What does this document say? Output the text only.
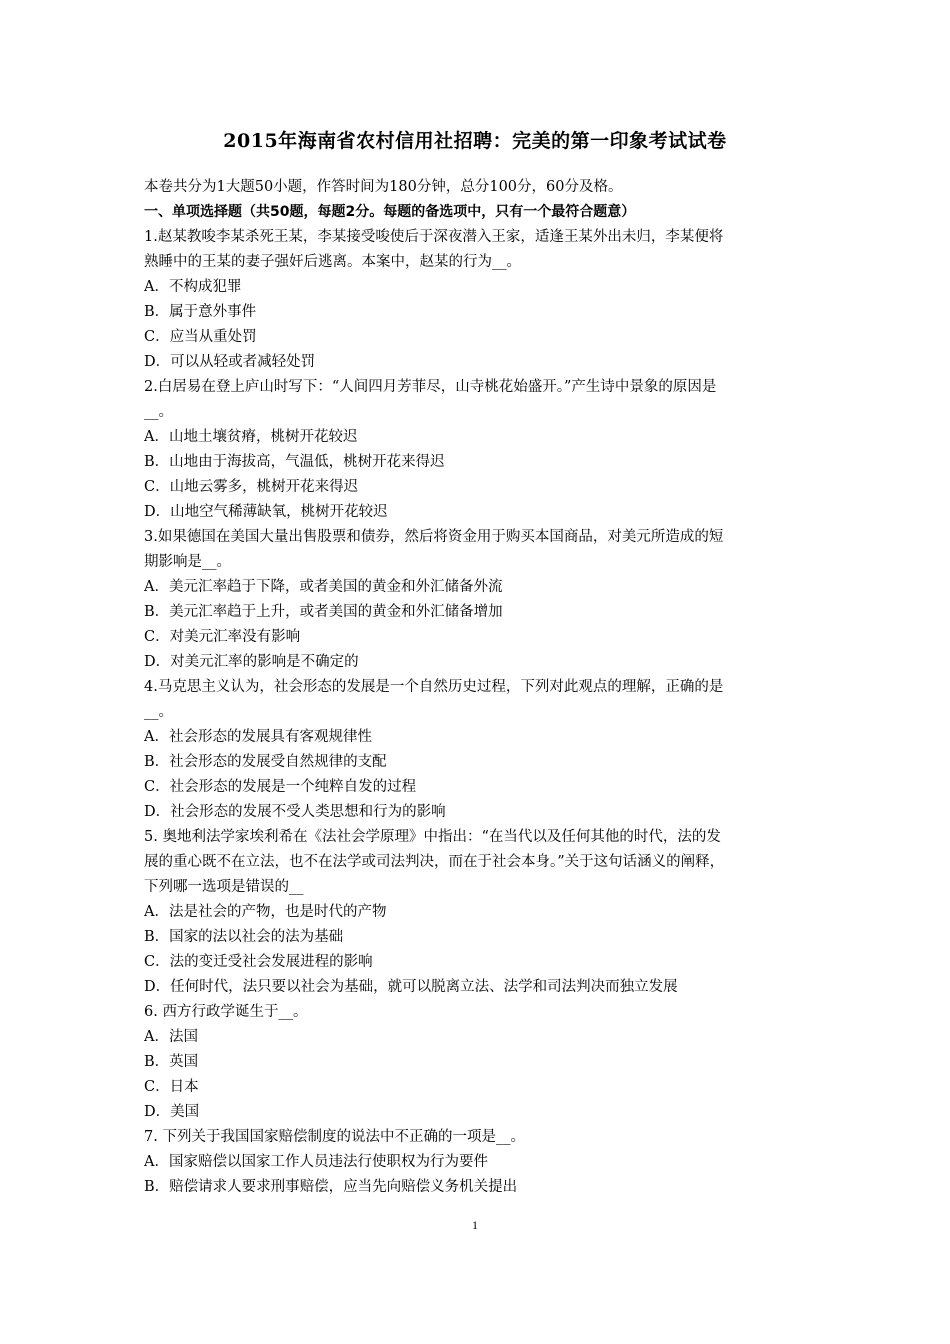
2015年海南省农村信用社招聘：完美的第一印象考试试卷
本卷共分为1大题50小题，作答时间为180分钟，总分100分，60分及格。
一、单项选择题（共50题，每题2分。每题的备选项中，只有一个最符合题意）
1.赵某教唆李某杀死王某，李某接受唆使后于深夜潜入王家，适逢王某外出未归，李某便将
熟睡中的王某的妻子强奸后逃离。本案中，赵某的行为__。
A．不构成犯罪
B．属于意外事件
C．应当从重处罚
D．可以从轻或者减轻处罚
2.白居易在登上庐山时写下：“人间四月芳菲尽，山寺桃花始盛开。”产生诗中景象的原因是
__。
A．山地土壤贫瘠，桃树开花较迟
B．山地由于海拔高，气温低，桃树开花来得迟
C．山地云雾多，桃树开花来得迟
D．山地空气稀薄缺氧，桃树开花较迟
3.如果德国在美国大量出售股票和债券，然后将资金用于购买本国商品，对美元所造成的短
期影响是__。
A．美元汇率趋于下降，或者美国的黄金和外汇储备外流
B．美元汇率趋于上升，或者美国的黄金和外汇储备增加
C．对美元汇率没有影响
D．对美元汇率的影响是不确定的
4.马克思主义认为，社会形态的发展是一个自然历史过程，下列对此观点的理解，正确的是
__。
A．社会形态的发展具有客观规律性
B．社会形态的发展受自然规律的支配
C．社会形态的发展是一个纯粹自发的过程
D．社会形态的发展不受人类思想和行为的影响
5. 奥地利法学家埃利希在《法社会学原理》中指出：“在当代以及任何其他的时代，法的发
展的重心既不在立法，也不在法学或司法判决，而在于社会本身。”关于这句话涵义的阐释，
下列哪一选项是错误的__
A．法是社会的产物，也是时代的产物
B．国家的法以社会的法为基础
C．法的变迁受社会发展进程的影响
D．任何时代，法只要以社会为基础，就可以脱离立法、法学和司法判决而独立发展
6. 西方行政学诞生于__。
A．法国
B．英国
C．日本
D．美国
7. 下列关于我国国家赔偿制度的说法中不正确的一项是__。
A．国家赔偿以国家工作人员违法行使职权为行为要件
B．赔偿请求人要求刑事赔偿，应当先向赔偿义务机关提出
1
